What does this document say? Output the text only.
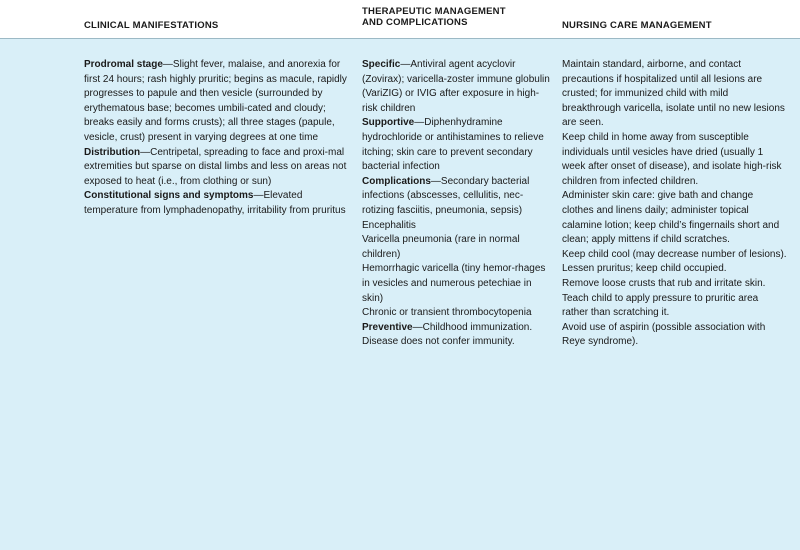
CLINICAL MANIFESTATIONS
THERAPEUTIC MANAGEMENT
AND COMPLICATIONS	NURSING CARE MANAGEMENT
Prodromal stage—Slight fever, malaise, and anorexia for first 24 hours; rash highly pruritic; begins as macule, rapidly progresses to papule and then vesicle (surrounded by erythematous base; becomes umbili-cated and cloudy; breaks easily and forms crusts); all three stages (papule, vesicle, crust) present in varying degrees at one time
Distribution—Centripetal, spreading to face and proxi-mal extremities but sparse on distal limbs and less on areas not exposed to heat (i.e., from clothing or sun)
Constitutional signs and symptoms—Elevated temperature from lymphadenopathy, irritability from pruritus
Specific—Antiviral agent acyclovir (Zovirax); varicella-zoster immune globulin (VariZIG) or IVIG after exposure in high-risk children
Supportive—Diphenhydramine hydrochloride or antihistamines to relieve itching; skin care to prevent secondary bacterial infection
Complications—Secondary bacterial infections (abscesses, cellulitis, nec-rotizing fasciitis, pneumonia, sepsis)
Encephalitis
Varicella pneumonia (rare in normal children)
Hemorrhagic varicella (tiny hemor-rhages in vesicles and numerous petechiae in skin)
Chronic or transient thrombocytopenia
Preventive—Childhood immunization. Disease does not confer immunity.
Maintain standard, airborne, and contact precautions if hospitalized until all lesions are crusted; for immunized child with mild breakthrough varicella, isolate until no new lesions are seen.
Keep child in home away from susceptible individuals until vesicles have dried (usually 1 week after onset of disease), and isolate high-risk children from infected children.
Administer skin care: give bath and change clothes and linens daily; administer topical calamine lotion; keep child’s fingernails short and clean; apply mittens if child scratches.
Keep child cool (may decrease number of lesions).
Lessen pruritus; keep child occupied.
Remove loose crusts that rub and irritate skin.
Teach child to apply pressure to pruritic area rather than scratching it.
Avoid use of aspirin (possible association with Reye syndrome).
